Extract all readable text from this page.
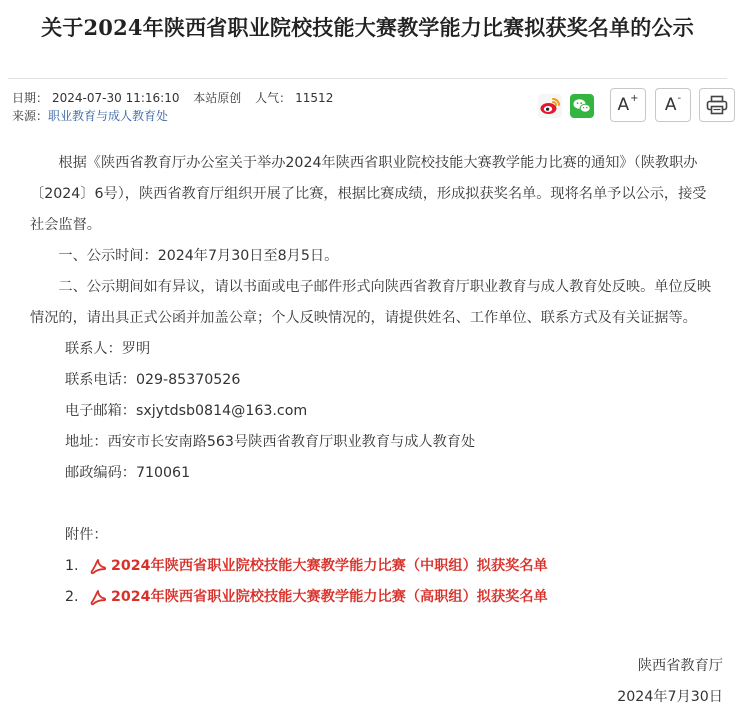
关于2024年陕西省职业院校技能大赛教学能力比赛拟获奖名单的公示
日期： 2024-07-30 11:16:10 本站原创 人气： 11512
来源：职业教育与成人教育处
A+ A-

根据《陕西省教育厅办公室关于举办2024年陕西省职业院校技能大赛教学能力比赛的通知》（陕教职办〔2024〕6号），陕西省教育厅组织开展了比赛，根据比赛成绩，形成拟获奖名单。现将名单予以公示，接受社会监督。

一、公示时间：2024年7月30日至8月5日。

二、公示期间如有异议，请以书面或电子邮件形式向陕西省教育厅职业教育与成人教育处反映。单位反映情况的，请出具正式公函并加盖公章；个人反映情况的，请提供姓名、工作单位、联系方式及有关证据等。

联系人：罗明

联系电话：029-85370526

电子邮箱：sxjytdsb0814@163.com

地址：西安市长安南路563号陕西省教育厅职业教育与成人教育处

邮政编码：710061

附件：

1.	2024年陕西省职业院校技能大赛教学能力比赛（中职组）拟获奖名单
2.	2024年陕西省职业院校技能大赛教学能力比赛（高职组）拟获奖名单
陕西省教育厅
2024年7月30日
